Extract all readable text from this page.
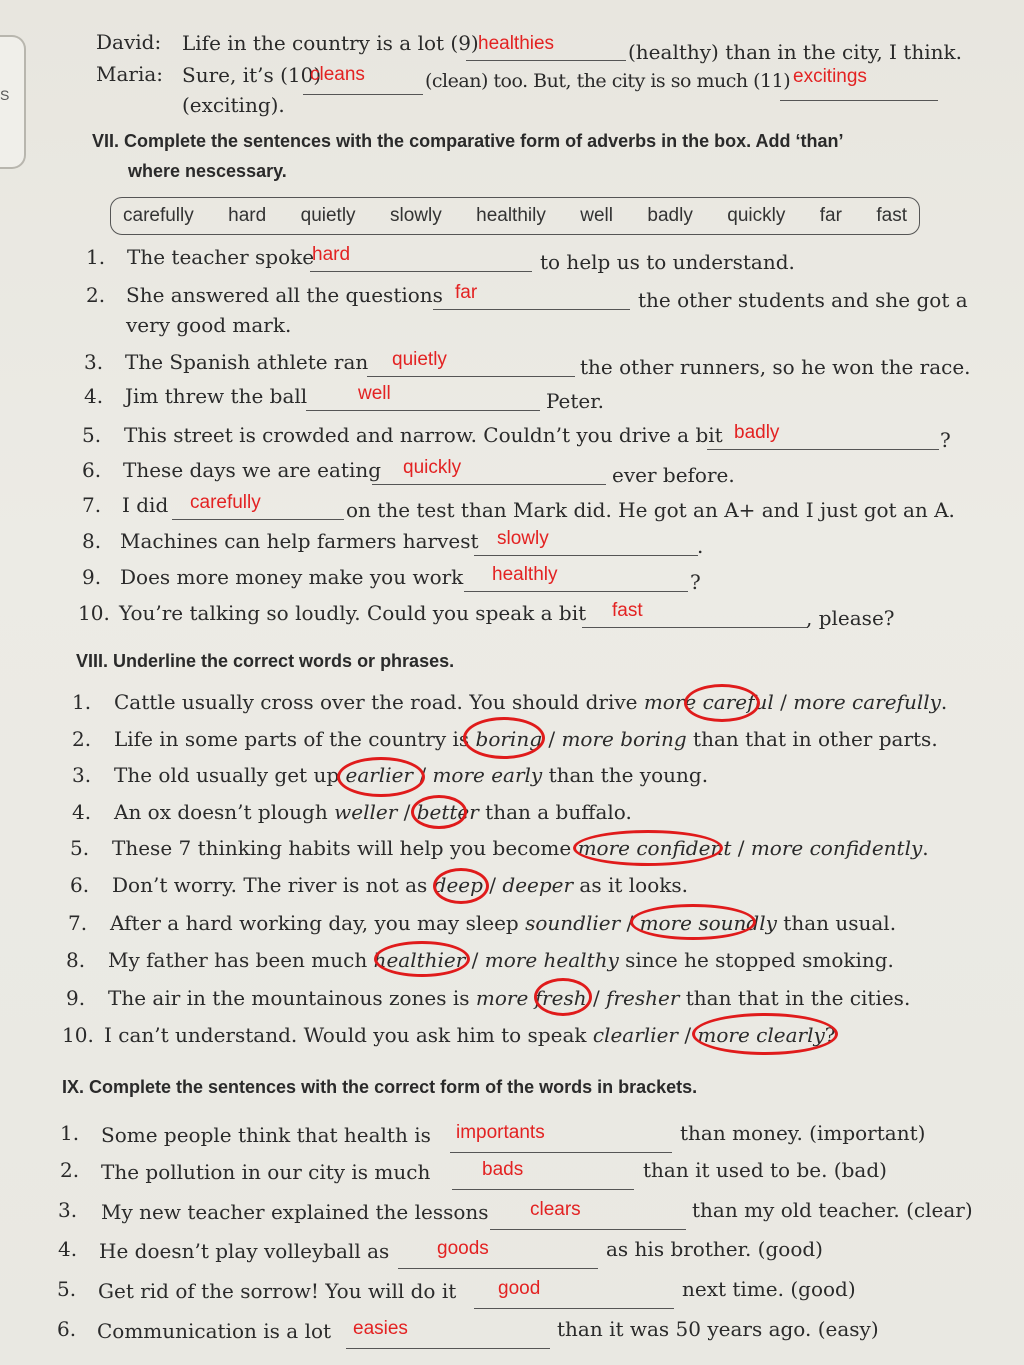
S
David: Life in the country is a lot (9) healthies	(healthy) than in the city, I think.
Maria: Sure, it’s (10)
cleans	(clean) too. But, the city is so much (11) excitings
(exciting).
VII. Complete the sentences with the comparative form of adverbs in the box. Add ‘than’
where nescessary.
carefully hard quietly slowly healthily well badly quickly far fast
1. The teacher spoke
hard	to help us to understand.
2. She answered all the questions far	the other students and she got a
very good mark.
3. The Spanish athlete ran quietly	the other runners, so he won the race.
4. Jim threw the ball	well	Peter.
5. This street is crowded and narrow. Couldn’t you drive a bit badly	?
6. These days we are eating quickly	ever before.
7. I did carefully	on the test than Mark did. He got an A+ and I just got an A.
8. Machines can help farmers harvest slowly	.
9. Does more money make you work healthly	?
10. You’re talking so loudly. Could you speak a bit fast	, please?
VIII. Underline the correct words or phrases.
1. Cattle usually cross over the road. You should drive more careful / more carefully.
2. Life in some parts of the country is boring / more boring than that in other parts.
3. The old usually get up earlier / more early than the young.
4. An ox doesn’t plough weller / better than a buffalo.
5. These 7 thinking habits will help you become more confident / more confidently.
6. Don’t worry. The river is not as deep / deeper as it looks.
7. After a hard working day, you may sleep soundlier / more soundly than usual.
8. My father has been much healthier / more healthy since he stopped smoking.
9. The air in the mountainous zones is more fresh / fresher than that in the cities.
10. I can’t understand. Would you ask him to speak clearlier / more clearly?
IX. Complete the sentences with the correct form of the words in brackets.
1. Some people think that health is importants	than money. (important)
2. The pollution in our city is much	bads	than it used to be. (bad)
3. My new teacher explained the lessons clears	than my old teacher. (clear)
4. He doesn’t play volleyball as	goods	as his brother. (good)
5. Get rid of the sorrow! You will do it good	next time. (good)
6. Communication is a lot easies	than it was 50 years ago. (easy)
